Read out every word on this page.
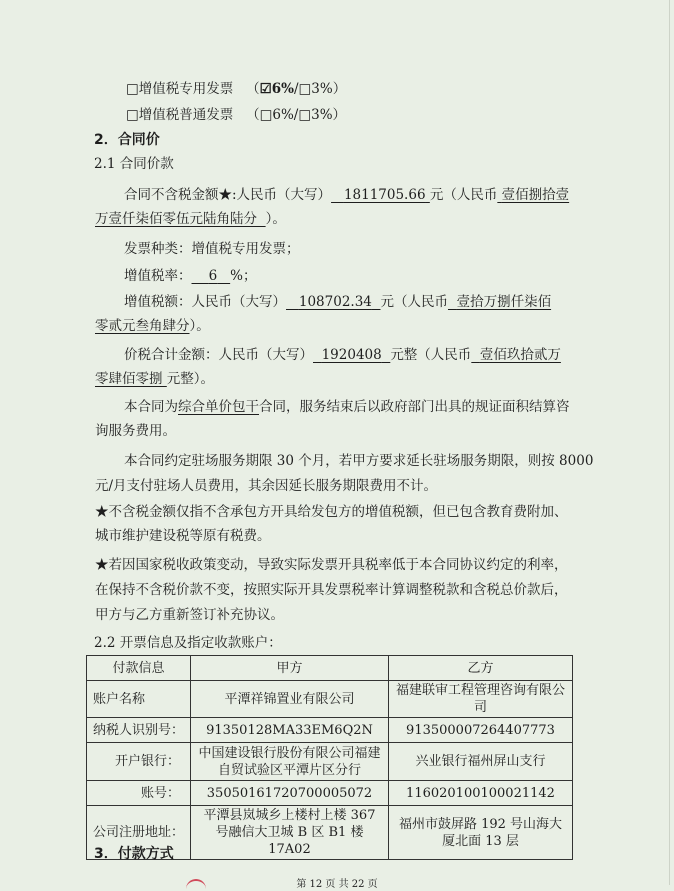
□增值税专用发票 （☑6%/□3%）
□增值税普通发票 （□6%/□3%）
2．合同价
2.1 合同价款
合同不含税金额★:人民币（大写） 1811705.66 元（人民币 壹佰捌拾壹
万壹仟柒佰零伍元陆角陆分 ）。
发票种类：增值税专用发票；
增值税率： 6 %；
增值税额：人民币（大写） 108702.34 元（人民币 壹拾万捌仟柒佰
零贰元叁角肆分）。
价税合计金额：人民币（大写） 1920408 元整（人民币 壹佰玖拾贰万
零肆佰零捌 元整）。
本合同为综合单价包干合同，服务结束后以政府部门出具的规证面积结算咨
询服务费用。
本合同约定驻场服务期限 30 个月，若甲方要求延长驻场服务期限，则按 8000
元/月支付驻场人员费用，其余因延长服务期限费用不计。
★不含税金额仅指不含承包方开具给发包方的增值税额，但已包含教育费附加、
城市维护建设税等原有税费。
★若因国家税收政策变动，导致实际发票开具税率低于本合同协议约定的利率，
在保持不含税价款不变，按照实际开具发票税率计算调整税款和含税总价款后，
甲方与乙方重新签订补充协议。
2.2 开票信息及指定收款账户：
付款信息	甲方	乙方
账户名称	平潭祥锦置业有限公司	福建联审工程管理咨询有限公司
纳税人识别号：	91350128MA33EM6Q2N	913500007264407773
开户银行：	中国建设银行股份有限公司福建自贸试验区平潭片区分行	兴业银行福州屏山支行
账号：	35050161720700005072	116020100100021142
公司注册地址：	平潭县岚城乡上楼村上楼 367 号融信大卫城 B 区 B1 楼 17A02	福州市鼓屏路 192 号山海大厦北面 13 层
3．付款方式
第 12 页 共 22 页
